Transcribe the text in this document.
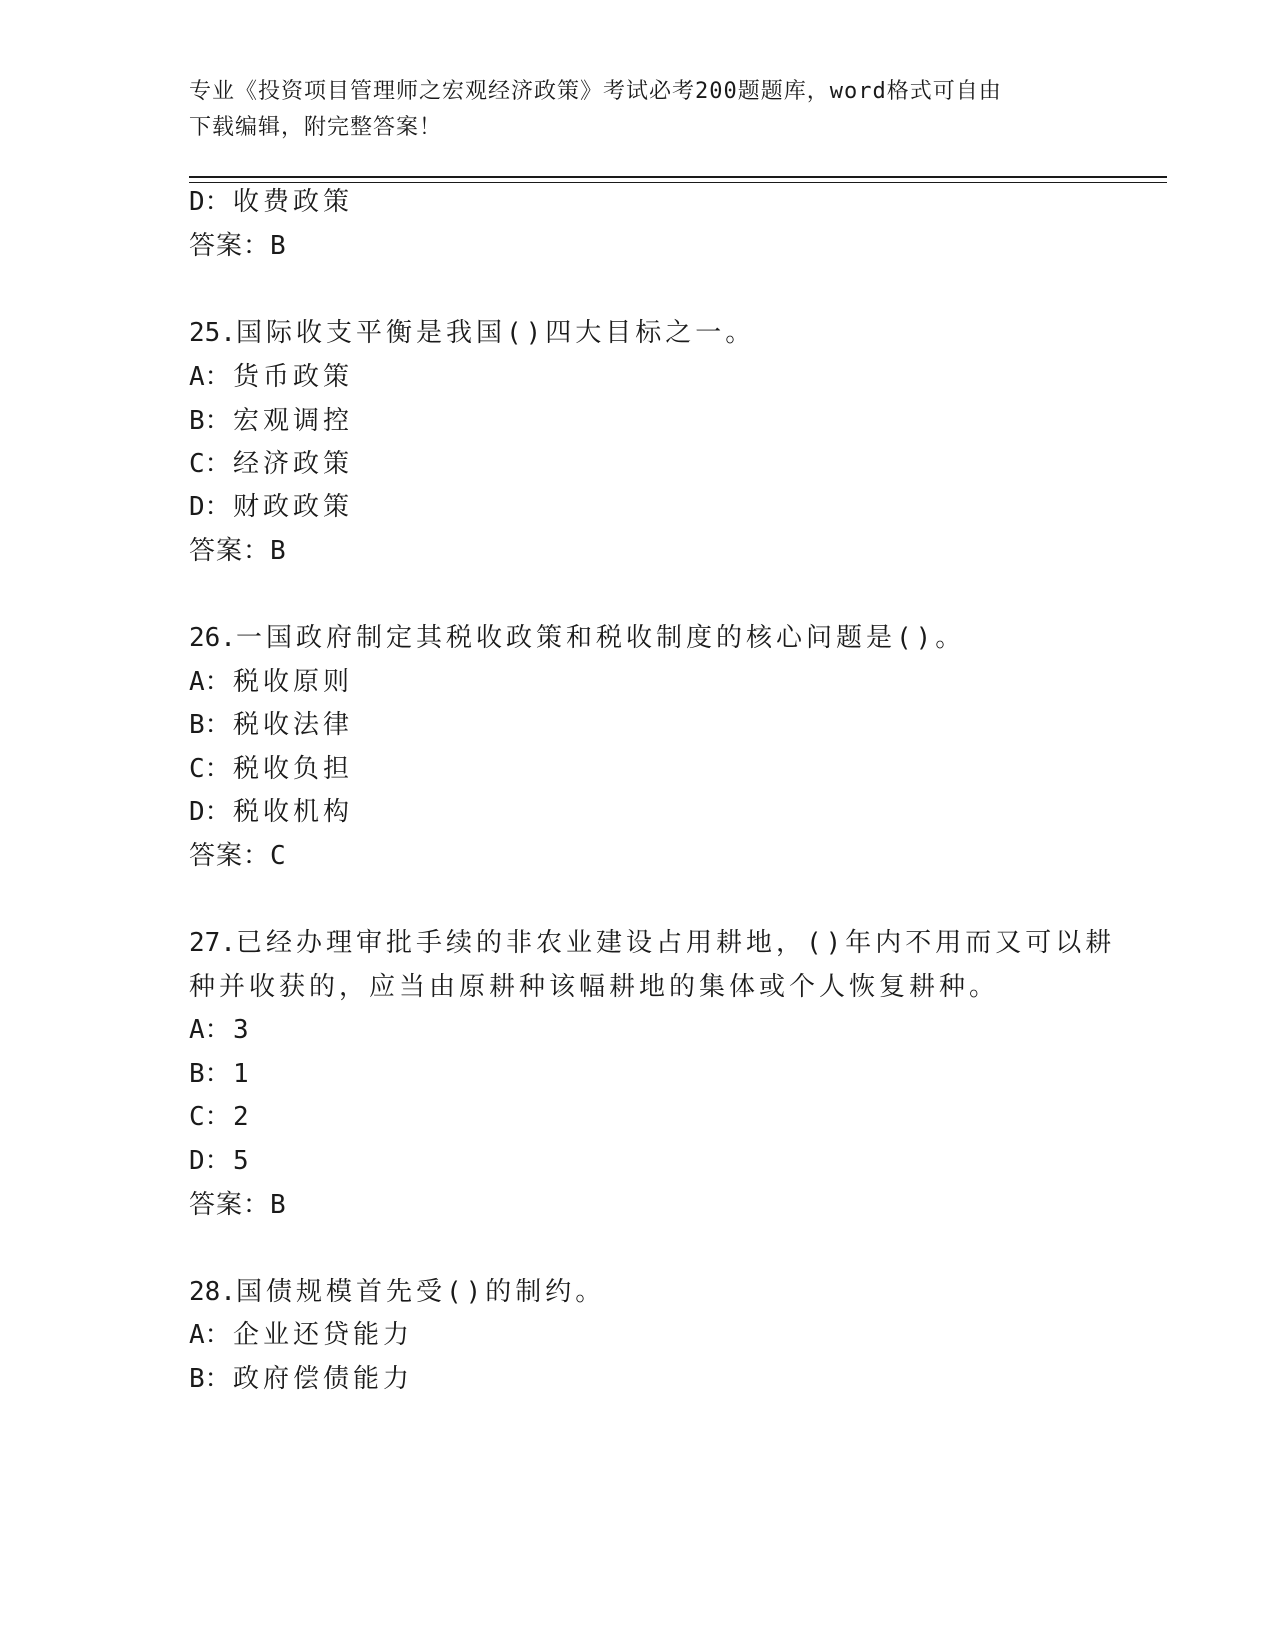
专业《投资项目管理师之宏观经济政策》考试必考200题题库，word格式可自由
下载编辑，附完整答案！
D：收费政策
答案：B
25.国际收支平衡是我国()四大目标之一。
A：货币政策
B：宏观调控
C：经济政策
D：财政政策
答案：B
26.一国政府制定其税收政策和税收制度的核心问题是()。
A：税收原则
B：税收法律
C：税收负担
D：税收机构
答案：C
27.已经办理审批手续的非农业建设占用耕地，()年内不用而又可以耕
种并收获的，应当由原耕种该幅耕地的集体或个人恢复耕种。
A：3
B：1
C：2
D：5
答案：B
28.国债规模首先受()的制约。
A：企业还贷能力
B：政府偿债能力
